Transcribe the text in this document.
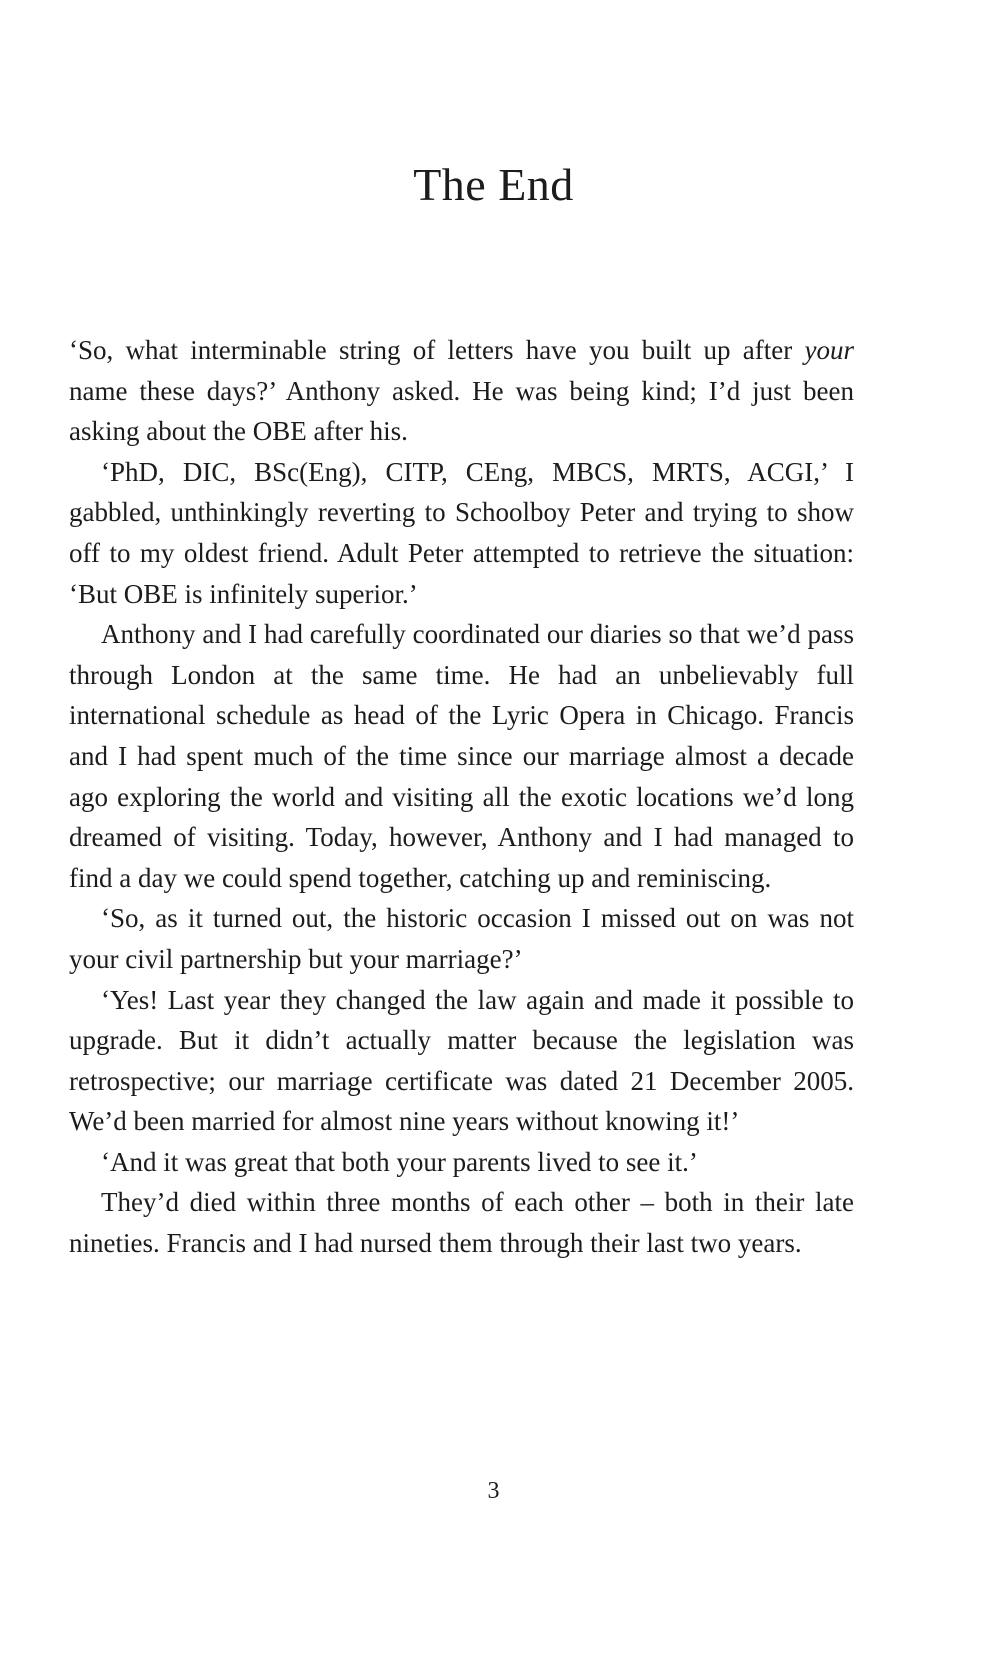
The End

‘So, what interminable string of letters have you built up after your name these days?’ Anthony asked. He was being kind; I’d just been asking about the OBE after his.

‘PhD, DIC, BSc(Eng), CITP, CEng, MBCS, MRTS, ACGI,’ I gabbled, unthinkingly reverting to Schoolboy Peter and trying to show off to my oldest friend. Adult Peter attempted to retrieve the situation: ‘But OBE is infinitely superior.’

Anthony and I had carefully coordinated our diaries so that we’d pass through London at the same time. He had an unbelievably full international schedule as head of the Lyric Opera in Chicago. Francis and I had spent much of the time since our marriage almost a decade ago exploring the world and visiting all the exotic locations we’d long dreamed of visiting. Today, however, Anthony and I had managed to find a day we could spend together, catching up and reminiscing.

‘So, as it turned out, the historic occasion I missed out on was not your civil partnership but your marriage?’

‘Yes! Last year they changed the law again and made it possible to upgrade. But it didn’t actually matter because the legislation was retrospective; our marriage certificate was dated 21 December 2005. We’d been married for almost nine years without knowing it!’

‘And it was great that both your parents lived to see it.’

They’d died within three months of each other – both in their late nineties. Francis and I had nursed them through their last two years.

3
